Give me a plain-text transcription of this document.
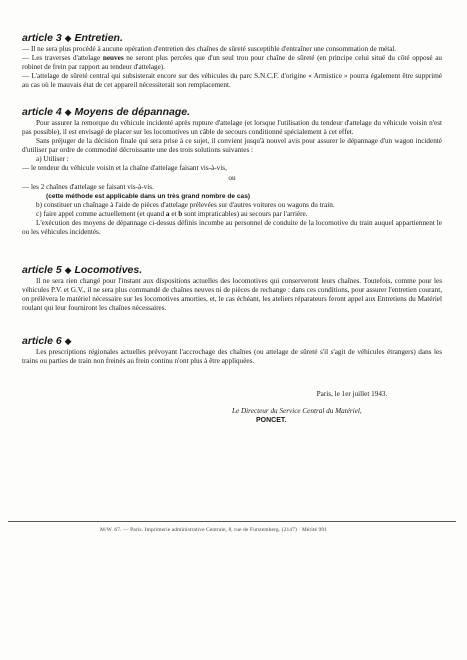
article 3 ◆ Entretien.

— Il ne sera plus procédé à aucune opération d'entretien des chaînes de sûreté susceptible d'entraîner une consommation de métal.

— Les traverses d'attelage neuves ne seront plus percées que d'un seul trou pour chaîne de sûreté (en principe celui situé du côté opposé au robinet de frein par rapport au tendeur d'attelage).

— L'attelage de sûreté central qui subsisterait encore sur des véhicules du parc S.N.C.F. d'origine « Armistice » pourra également être supprimé au cas où le mauvais état de cet appareil nécessiterait son remplacement.

article 4 ◆ Moyens de dépannage.

Pour assurer la remorque du véhicule incidenté après rupture d'attelage (et lorsque l'utilisation du tendeur d'attelage du véhicule voisin n'est pas possible), il est envisagé de placer sur les locomotives un câble de secours conditionné spécialement à cet effet.

Sans préjuger de la décision finale qui sera prise à ce sujet, il convient jusqu'à nouvel avis pour assurer le dépannage d'un wagon incidenté d'utiliser par ordre de commodité décroissante une des trois solutions suivantes :

a) Utiliser :

— le tendeur du véhicule voisin et la chaîne d'attelage faisant vis-à-vis,

ou

— les 2 chaînes d'attelage se faisant vis-à-vis.

(cette méthode est applicable dans un très grand nombre de cas)

b) constituer un chaînage à l'aide de pièces d'attelage prélevées sur d'autres voitures ou wagons du train.

c) faire appel comme actuellement (et quand a et b sont impraticables) au secours par l'arrière.

L'exécution des moyens de dépannage ci-dessus définis incombe au personnel de conduite de la locomotive du train auquel appartiennent le ou les véhicules incidentés.

article 5 ◆ Locomotives.

Il ne sera rien changé pour l'instant aux dispositions actuelles des locomotives qui conserveront leurs chaînes. Toutefois, comme pour les véhicules P.V. et G.V., il ne sera plus commandé de chaînes neuves ni de pièces de rechange : dans ces conditions, pour assurer l'entretien courant, on prélèvera le matériel nécessaire sur les locomotives amorties, et, le cas échéant, les ateliers réparateurs feront appel aux Entretiens du Matériel roulant qui leur fourniront les chaînes nécessaires.

article 6 ◆

Les prescriptions régionales actuelles prévoyant l'accrochage des chaînes (ou attelage de sûreté s'il s'agit de véhicules étrangers) dans les trains ou parties de train non freinés au frein continu n'ont plus à être appliquées.

Paris, le 1er juillet 1943.
Le Directeur du Service Central du Matériel,
PONCET.
M/W. 67. — Paris. Imprimerie administrative Centrale, 8, rue de Furstemberg. (2147) · Mérité 991
